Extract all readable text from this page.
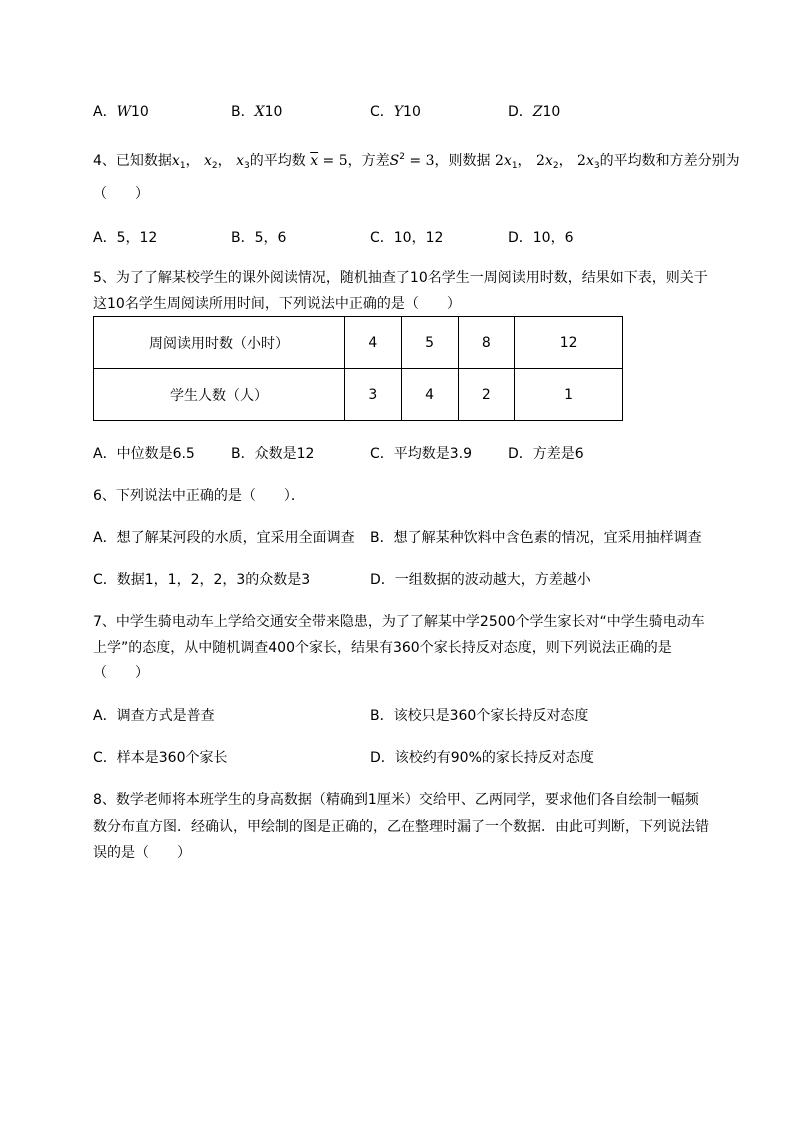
A．W10	B．X10	C．Y10	D．Z10
4、已知数据$x_1$， $x_2$， $x_3$的平均数 $\overline{x} = 5$，方差$S^2 = 3$，则数据 $2x_1$， $2x_2$， $2x_3$的平均数和方差分别为
（　　）
A．5，12	B．5，6	C．10，12	D．10，6
5、为了了解某校学生的课外阅读情况，随机抽查了10名学生一周阅读用时数，结果如下表，则关于
这10名学生周阅读所用时间，下列说法中正确的是（　　）
周阅读用时数（小时）	4	5	8	12
学生人数（人）	3	4	2	1
A．中位数是6.5	B．众数是12	C．平均数是3.9	D．方差是6
6、下列说法中正确的是（　　）．
A．想了解某河段的水质，宜采用全面调查 B．想了解某种饮料中含色素的情况，宜采用抽样调查
C．数据1，1，2，2，3的众数是3	D．一组数据的波动越大，方差越小
7、中学生骑电动车上学给交通安全带来隐患，为了了解某中学2500个学生家长对“中学生骑电动车
上学”的态度，从中随机调查400个家长，结果有360个家长持反对态度，则下列说法正确的是
（　　）
A．调查方式是普查	B．该校只是360个家长持反对态度
C．样本是360个家长	D．该校约有90%的家长持反对态度
8、数学老师将本班学生的身高数据（精确到1厘米）交给甲、乙两同学，要求他们各自绘制一幅频
数分布直方图．经确认，甲绘制的图是正确的，乙在整理时漏了一个数据．由此可判断，下列说法错
误的是（　　）
